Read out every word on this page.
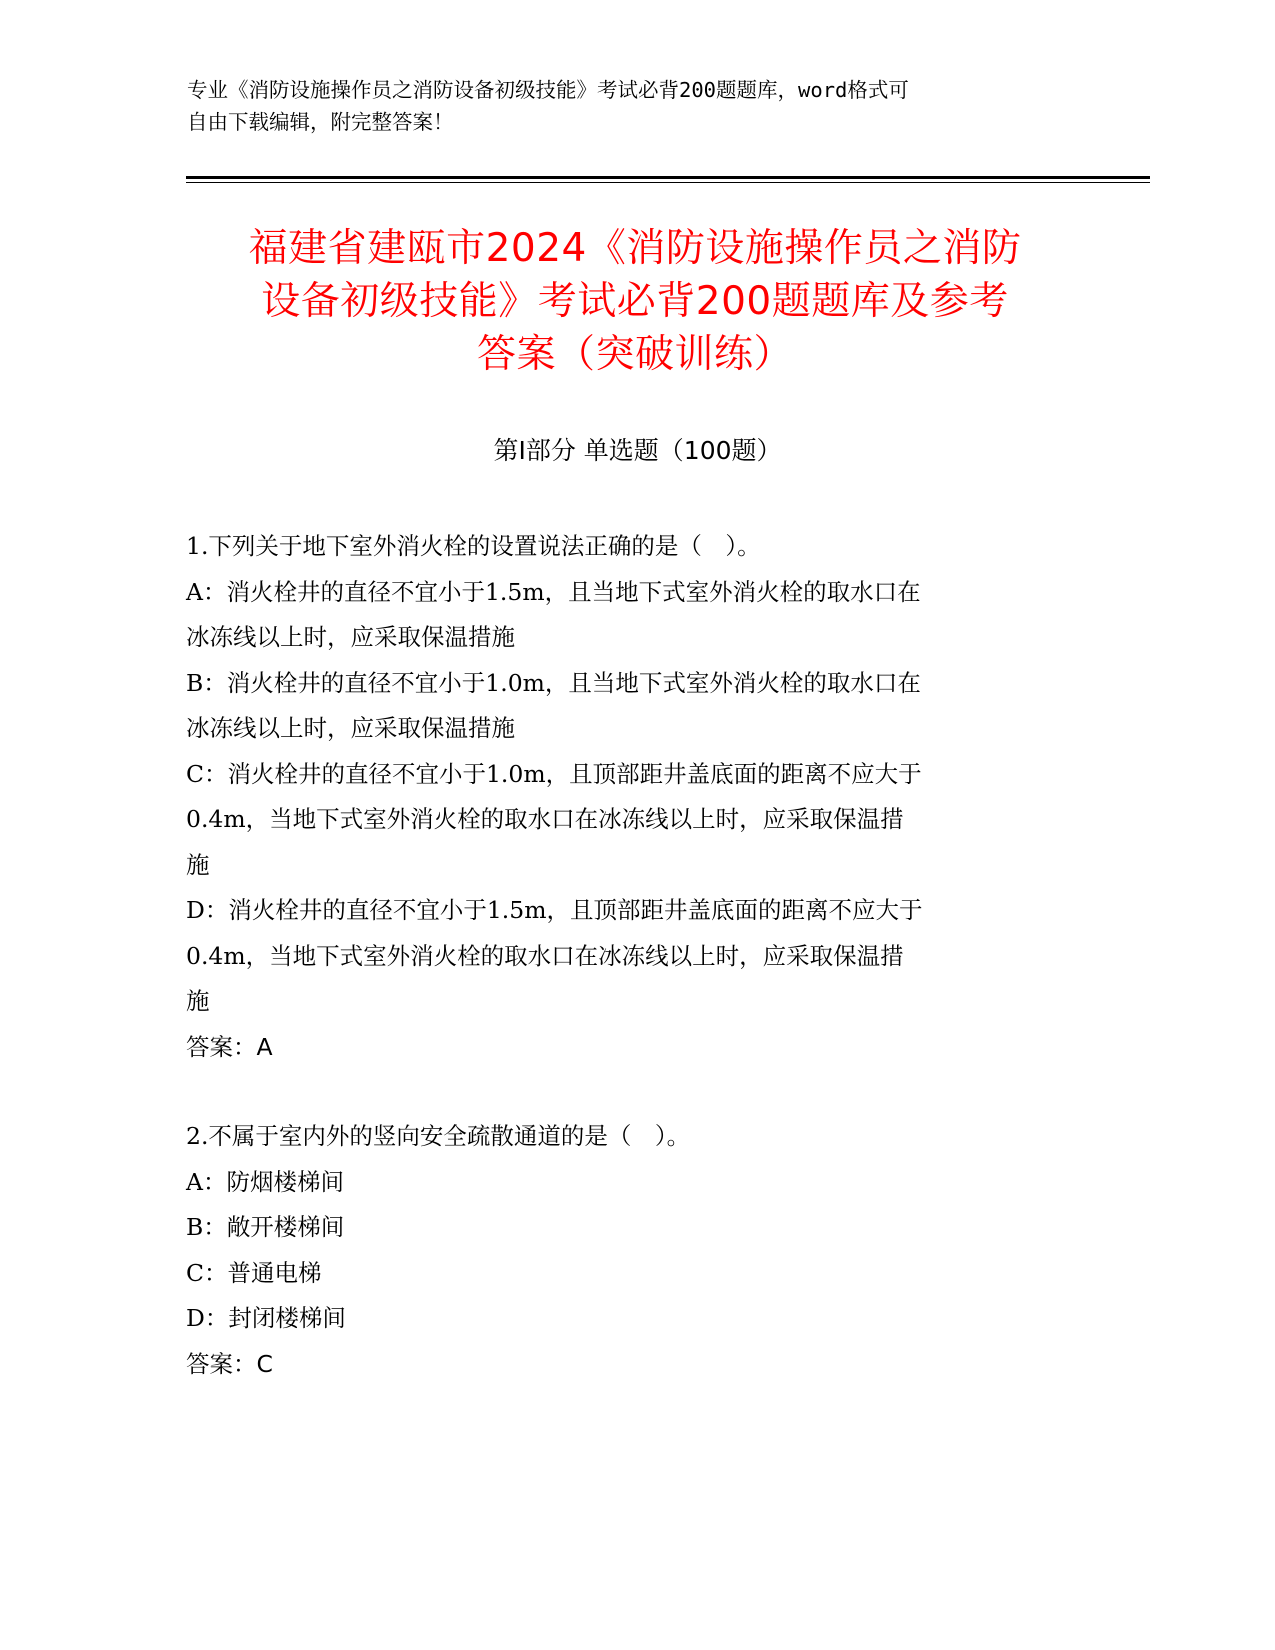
专业《消防设施操作员之消防设备初级技能》考试必背200题题库，word格式可
自由下载编辑，附完整答案！
福建省建瓯市2024《消防设施操作员之消防
设备初级技能》考试必背200题题库及参考
答案（突破训练）
第Ⅰ部分 单选题（100题）
1.下列关于地下室外消火栓的设置说法正确的是（　）。
A：消火栓井的直径不宜小于1.5m，且当地下式室外消火栓的取水口在
冰冻线以上时，应采取保温措施
B：消火栓井的直径不宜小于1.0m，且当地下式室外消火栓的取水口在
冰冻线以上时，应采取保温措施
C：消火栓井的直径不宜小于1.0m，且顶部距井盖底面的距离不应大于
0.4m，当地下式室外消火栓的取水口在冰冻线以上时，应采取保温措
施
D：消火栓井的直径不宜小于1.5m，且顶部距井盖底面的距离不应大于
0.4m，当地下式室外消火栓的取水口在冰冻线以上时，应采取保温措
施
答案：A
2.不属于室内外的竖向安全疏散通道的是（　）。
A：防烟楼梯间
B：敞开楼梯间
C：普通电梯
D：封闭楼梯间
答案：C
